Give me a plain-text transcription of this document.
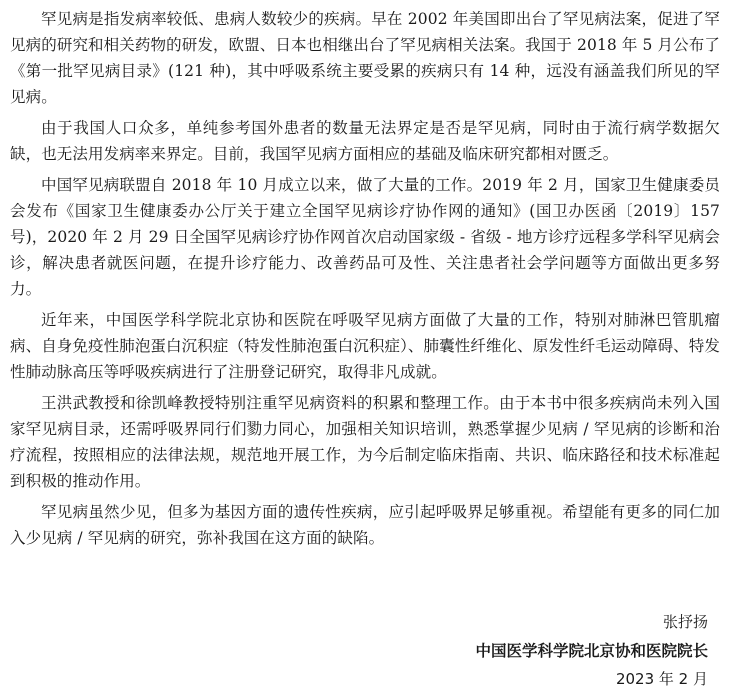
罕见病是指发病率较低、患病人数较少的疾病。早在 2002 年美国即出台了罕见病法案，促进了罕见病的研究和相关药物的研发，欧盟、日本也相继出台了罕见病相关法案。我国于 2018 年 5 月公布了《第一批罕见病目录》(121 种)，其中呼吸系统主要受累的疾病只有 14 种，远没有涵盖我们所见的罕见病。

由于我国人口众多，单纯参考国外患者的数量无法界定是否是罕见病，同时由于流行病学数据欠缺，也无法用发病率来界定。目前，我国罕见病方面相应的基础及临床研究都相对匮乏。

中国罕见病联盟自 2018 年 10 月成立以来，做了大量的工作。2019 年 2 月，国家卫生健康委员会发布《国家卫生健康委办公厅关于建立全国罕见病诊疗协作网的通知》(国卫办医函〔2019〕157 号)，2020 年 2 月 29 日全国罕见病诊疗协作网首次启动国家级 - 省级 - 地方诊疗远程多学科罕见病会诊，解决患者就医问题，在提升诊疗能力、改善药品可及性、关注患者社会学问题等方面做出更多努力。

近年来，中国医学科学院北京协和医院在呼吸罕见病方面做了大量的工作，特别对肺淋巴管肌瘤病、自身免疫性肺泡蛋白沉积症（特发性肺泡蛋白沉积症）、肺囊性纤维化、原发性纤毛运动障碍、特发性肺动脉高压等呼吸疾病进行了注册登记研究，取得非凡成就。

王洪武教授和徐凯峰教授特别注重罕见病资料的积累和整理工作。由于本书中很多疾病尚未列入国家罕见病目录，还需呼吸界同行们勠力同心，加强相关知识培训，熟悉掌握少见病 / 罕见病的诊断和治疗流程，按照相应的法律法规，规范地开展工作，为今后制定临床指南、共识、临床路径和技术标准起到积极的推动作用。

罕见病虽然少见，但多为基因方面的遗传性疾病，应引起呼吸界足够重视。希望能有更多的同仁加入少见病 / 罕见病的研究，弥补我国在这方面的缺陷。

张抒扬
中国医学科学院北京协和医院院长
2023 年 2 月
